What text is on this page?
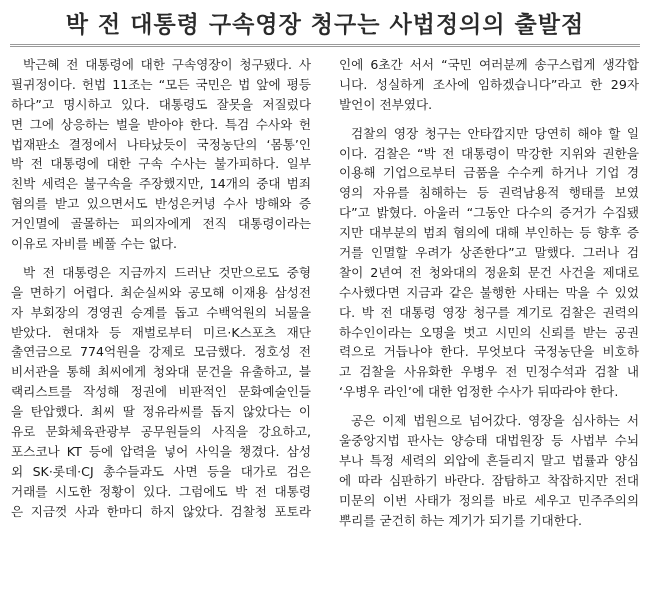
박 전 대통령 구속영장 청구는 사법정의의 출발점
박근혜 전 대통령에 대한 구속영장이 청구됐다. 사
필귀정이다. 헌법 11조는 “모든 국민은 법 앞에 평등
하다”고 명시하고 있다. 대통령도 잘못을 저질렀다
면 그에 상응하는 벌을 받아야 한다. 특검 수사와 헌
법재판소 결정에서 나타났듯이 국정농단의 ‘몸통’인
박 전 대통령에 대한 구속 수사는 불가피하다. 일부
친박 세력은 불구속을 주장했지만, 14개의 중대 범죄
혐의를 받고 있으면서도 반성은커녕 수사 방해와 증
거인멸에 골몰하는 피의자에게 전직 대통령이라는
이유로 자비를 베풀 수는 없다.
박 전 대통령은 지금까지 드러난 것만으로도 중형
을 면하기 어렵다. 최순실씨와 공모해 이재용 삼성전
자 부회장의 경영권 승계를 돕고 수백억원의 뇌물을
받았다. 현대차 등 재벌로부터 미르·K스포츠 재단
출연금으로 774억원을 강제로 모금했다. 정호성 전
비서관을 통해 최씨에게 청와대 문건을 유출하고, 블
랙리스트를 작성해 정권에 비판적인 문화예술인들
을 탄압했다. 최씨 딸 정유라씨를 돕지 않았다는 이
유로 문화체육관광부 공무원들의 사직을 강요하고,
포스코나 KT 등에 압력을 넣어 사익을 챙겼다. 삼성
외 SK·롯데·CJ 총수들과도 사면 등을 대가로 검은
거래를 시도한 정황이 있다. 그럼에도 박 전 대통령
은 지금껏 사과 한마디 하지 않았다. 검찰청 포토라
인에 6초간 서서 “국민 여러분께 송구스럽게 생각합
니다. 성실하게 조사에 임하겠습니다”라고 한 29자
발언이 전부였다.
검찰의 영장 청구는 안타깝지만 당연히 해야 할 일
이다. 검찰은 “박 전 대통령이 막강한 지위와 권한을
이용해 기업으로부터 금품을 수수케 하거나 기업 경
영의 자유를 침해하는 등 권력남용적 행태를 보였
다”고 밝혔다. 아울러 “그동안 다수의 증거가 수집됐
지만 대부분의 범죄 혐의에 대해 부인하는 등 향후 증
거를 인멸할 우려가 상존한다”고 말했다. 그러나 검
찰이 2년여 전 청와대의 정윤회 문건 사건을 제대로
수사했다면 지금과 같은 불행한 사태는 막을 수 있었
다. 박 전 대통령 영장 청구를 계기로 검찰은 권력의
하수인이라는 오명을 벗고 시민의 신뢰를 받는 공권
력으로 거듭나야 한다. 무엇보다 국정농단을 비호하
고 검찰을 사유화한 우병우 전 민정수석과 검찰 내
‘우병우 라인’에 대한 엄정한 수사가 뒤따라야 한다.
공은 이제 법원으로 넘어갔다. 영장을 심사하는 서
울중앙지법 판사는 양승태 대법원장 등 사법부 수뇌
부나 특정 세력의 외압에 흔들리지 말고 법률과 양심
에 따라 심판하기 바란다. 잠탐하고 착잡하지만 전대
미문의 이번 사태가 정의를 바로 세우고 민주주의의
뿌리를 굳건히 하는 계기가 되기를 기대한다.
